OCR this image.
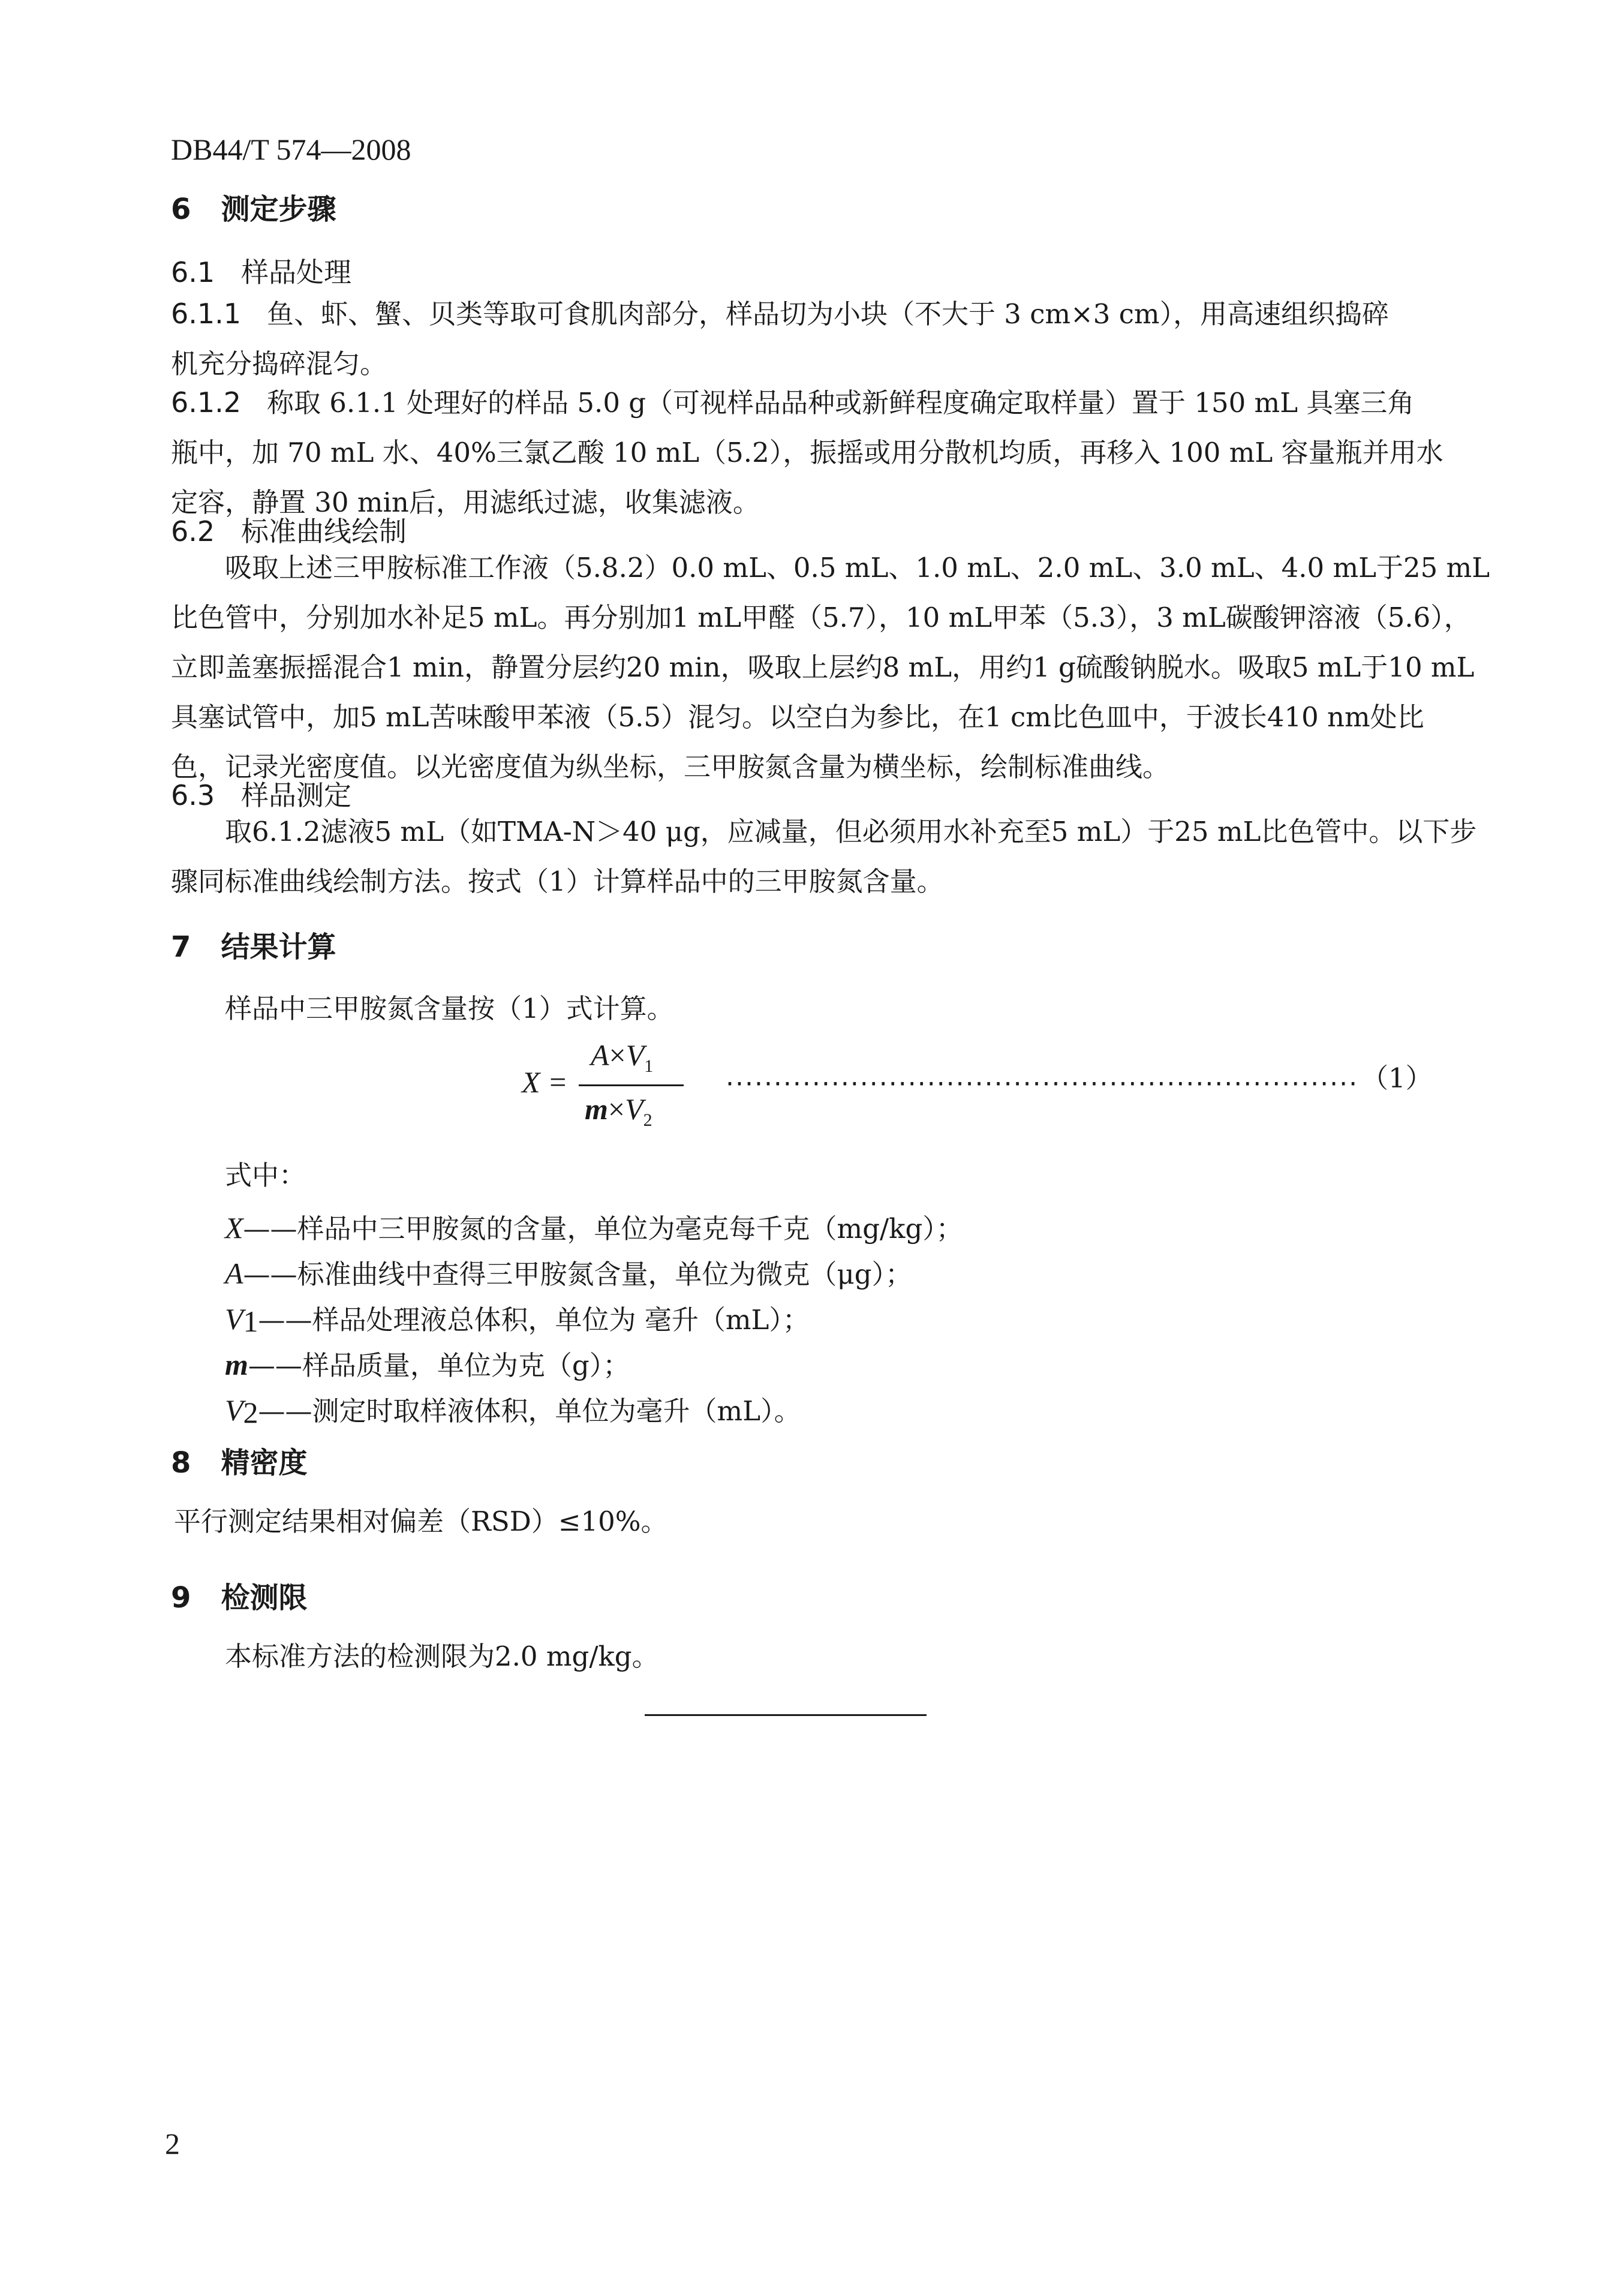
DB44/T 574—2008
6 测定步骤
6.1 样品处理
6.1.1 鱼、虾、蟹、贝类等取可食肌肉部分，样品切为小块（不大于 3 cm×3 cm），用高速组织捣碎
机充分捣碎混匀。
6.1.2 称取 6.1.1 处理好的样品 5.0 g（可视样品品种或新鲜程度确定取样量）置于 150 mL 具塞三角
瓶中，加 70 mL 水、40%三氯乙酸 10 mL（5.2），振摇或用分散机均质，再移入 100 mL 容量瓶并用水
定容，静置 30 min后，用滤纸过滤，收集滤液。
6.2 标准曲线绘制
吸取上述三甲胺标准工作液（5.8.2）0.0 mL、0.5 mL、1.0 mL、2.0 mL、3.0 mL、4.0 mL于25 mL
比色管中，分别加水补足5 mL。再分别加1 mL甲醛（5.7），10 mL甲苯（5.3），3 mL碳酸钾溶液（5.6），
立即盖塞振摇混合1 min，静置分层约20 min，吸取上层约8 mL，用约1 g硫酸钠脱水。吸取5 mL于10 mL
具塞试管中，加5 mL苦味酸甲苯液（5.5）混匀。以空白为参比，在1 cm比色皿中，于波长410 nm处比
色，记录光密度值。以光密度值为纵坐标，三甲胺氮含量为横坐标，绘制标准曲线。
6.3 样品测定
取6.1.2滤液5 mL（如TMA-N＞40 μg，应减量，但必须用水补充至5 mL）于25 mL比色管中。以下步
骤同标准曲线绘制方法。按式（1）计算样品中的三甲胺氮含量。
7 结果计算
样品中三甲胺氮含量按（1）式计算。
X =
$A\times V_1$
$m\times V_2$
·································································· （1）
式中：
X——样品中三甲胺氮的含量，单位为毫克每千克（mg/kg）；
A——标准曲线中查得三甲胺氮含量，单位为微克（μg）；
$V_1——$样品处理液总体积，单位为 毫升（mL）；
m——样品质量，单位为克（g）；
$V_2——$测定时取样液体积，单位为毫升（mL）。
8 精密度
平行测定结果相对偏差（RSD）≤10%。
9 检测限
本标准方法的检测限为2.0 mg/kg。
2
